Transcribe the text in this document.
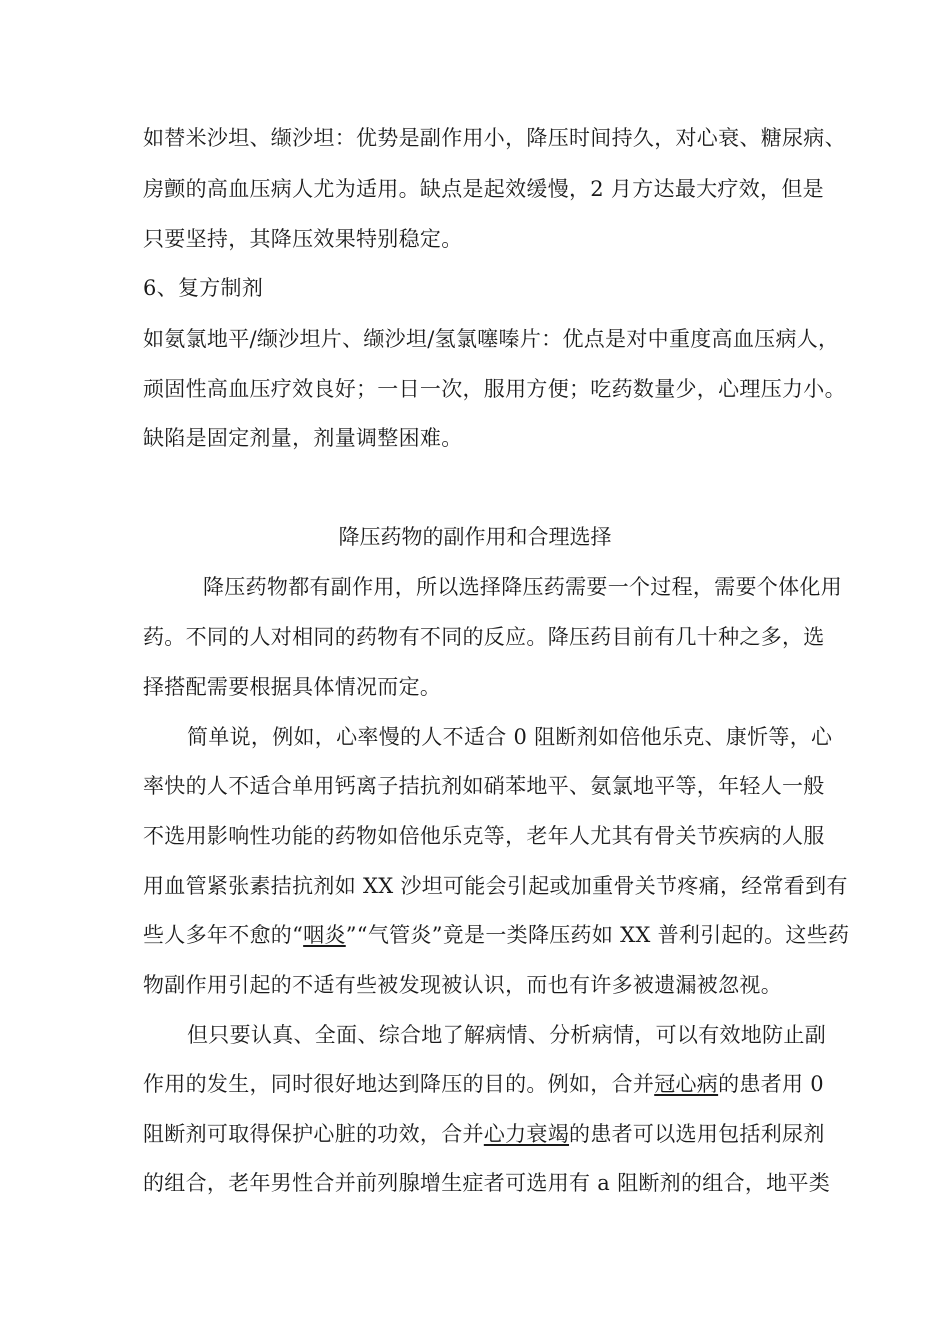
如替米沙坦、缬沙坦：优势是副作用小，降压时间持久，对心衰、糖尿病、
房颤的高血压病人尤为适用。缺点是起效缓慢，2 月方达最大疗效，但是
只要坚持，其降压效果特别稳定。
6、复方制剂
如氨氯地平/缬沙坦片、缬沙坦/氢氯噻嗪片：优点是对中重度高血压病人，
顽固性高血压疗效良好；一日一次，服用方便；吃药数量少，心理压力小。
缺陷是固定剂量，剂量调整困难。
降压药物的副作用和合理选择
降压药物都有副作用，所以选择降压药需要一个过程，需要个体化用
药。不同的人对相同的药物有不同的反应。降压药目前有几十种之多，选
择搭配需要根据具体情况而定。
简单说，例如，心率慢的人不适合 0 阻断剂如倍他乐克、康忻等，心
率快的人不适合单用钙离子拮抗剂如硝苯地平、氨氯地平等，年轻人一般
不选用影响性功能的药物如倍他乐克等，老年人尤其有骨关节疾病的人服
用血管紧张素拮抗剂如 XX 沙坦可能会引起或加重骨关节疼痛，经常看到有
些人多年不愈的“咽炎”“气管炎”竟是一类降压药如 XX 普利引起的。这些药
物副作用引起的不适有些被发现被认识，而也有许多被遗漏被忽视。
但只要认真、全面、综合地了解病情、分析病情，可以有效地防止副
作用的发生，同时很好地达到降压的目的。例如，合并冠心病的患者用 0
阻断剂可取得保护心脏的功效，合并心力衰竭的患者可以选用包括利尿剂
的组合，老年男性合并前列腺增生症者可选用有 a 阻断剂的组合，地平类
